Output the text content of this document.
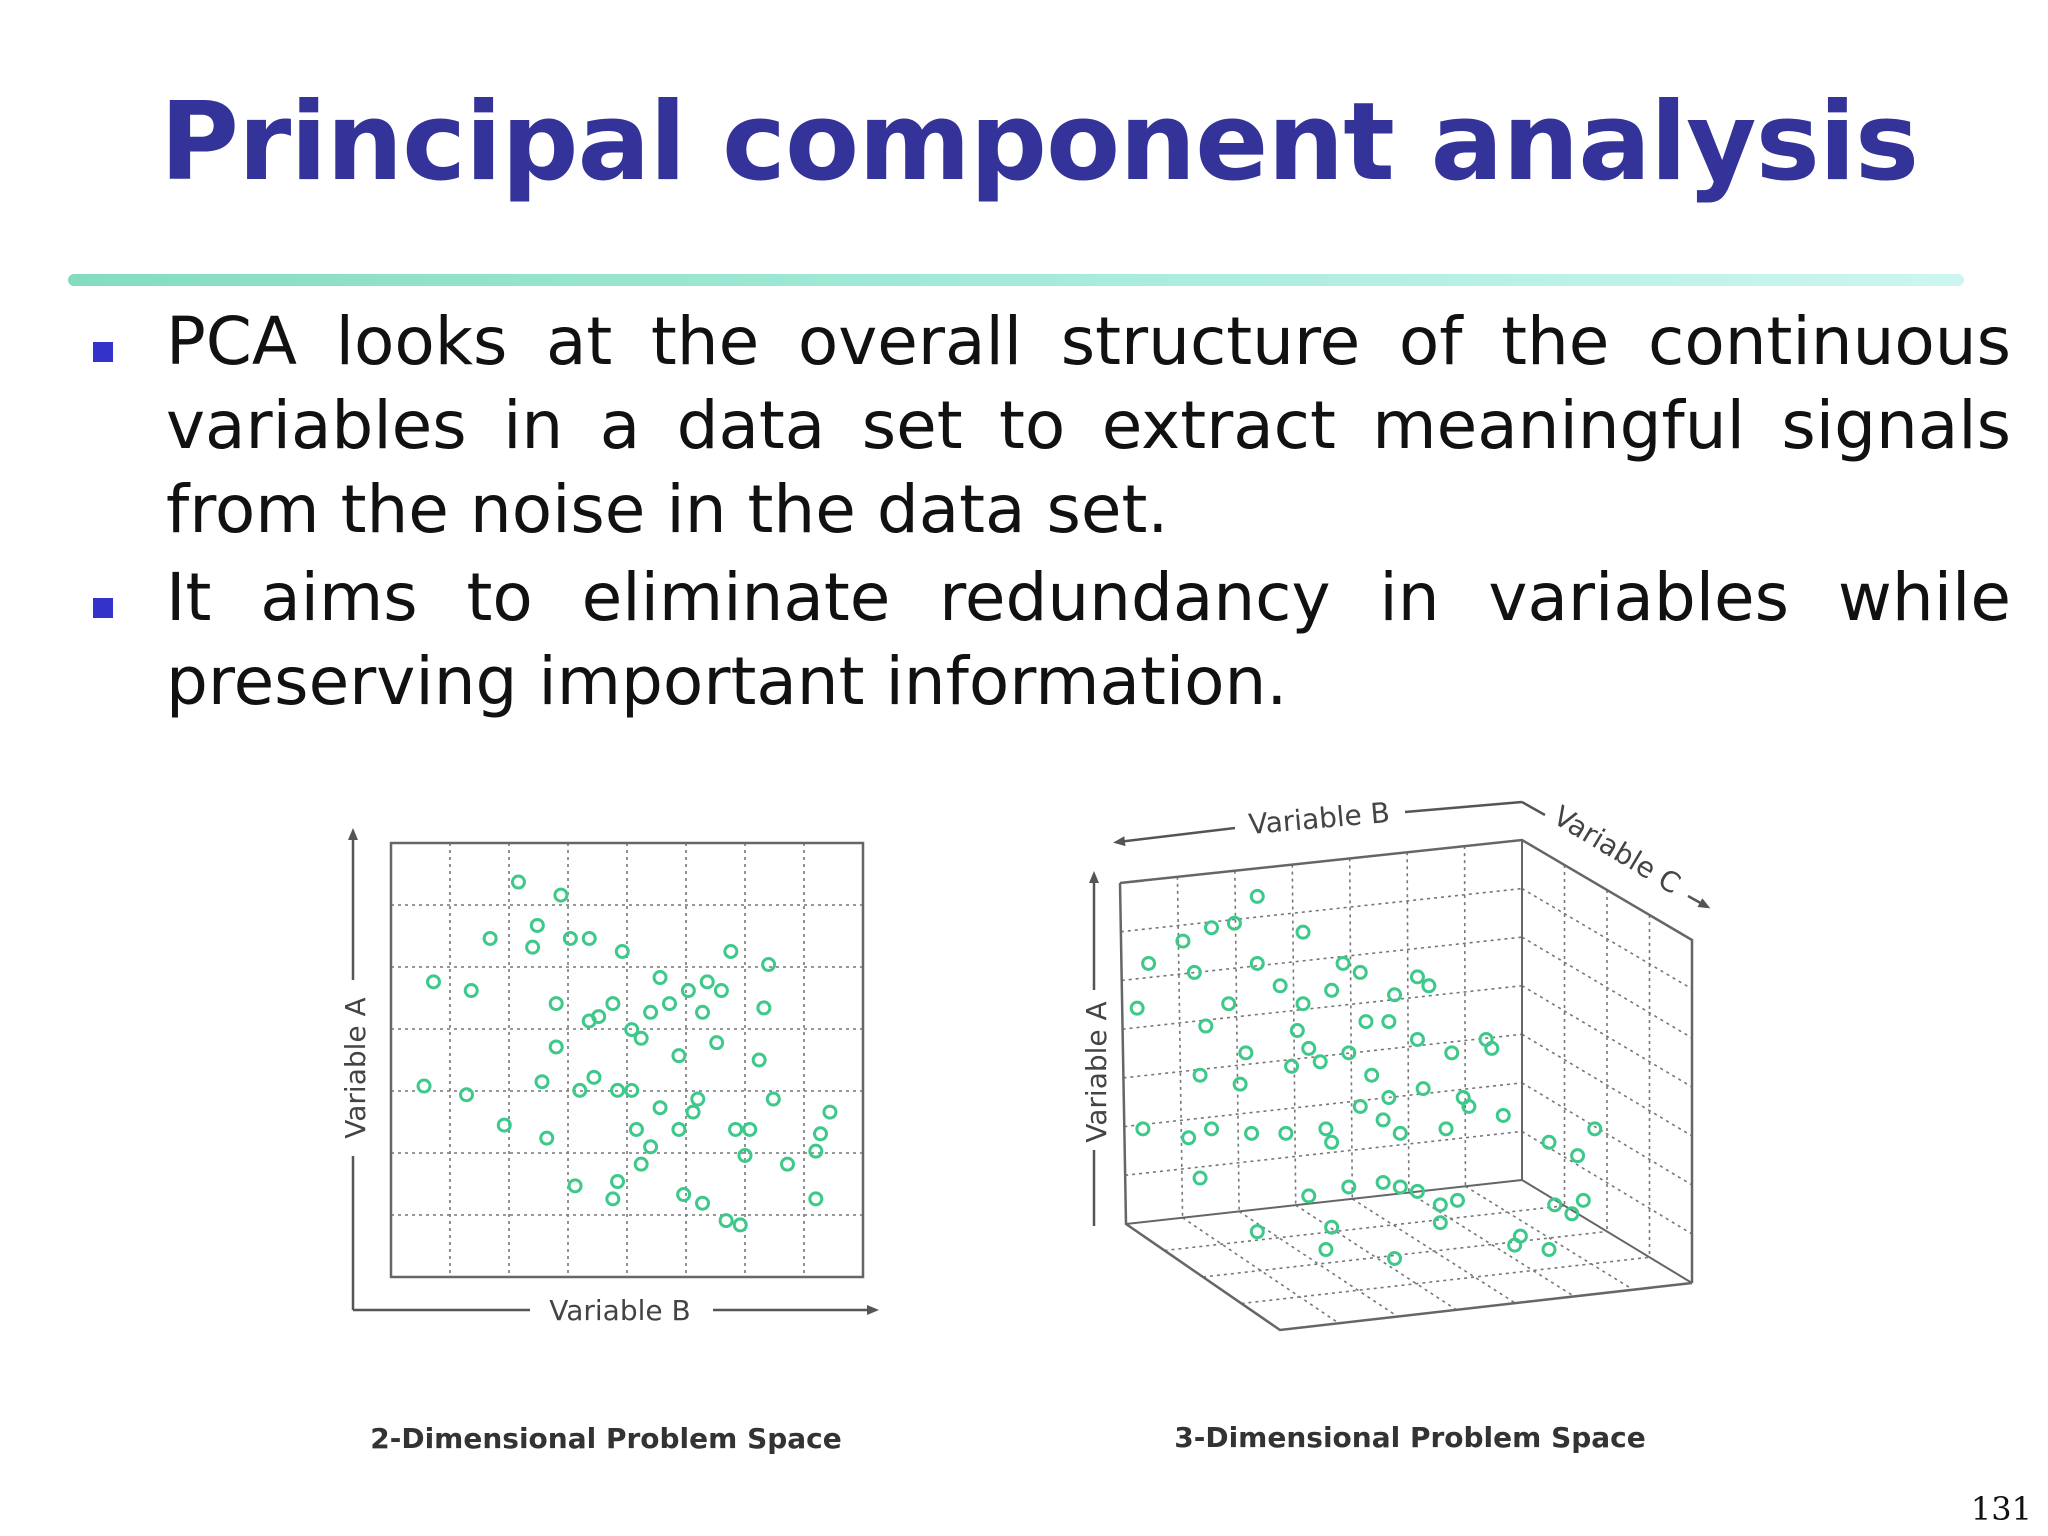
Principal component analysis
PCA looks at the overall structure of the continuous variables in a data set to extract meaningful signals from the noise in the data set.
It aims to eliminate redundancy in variables while preserving important information.
Variable A
Variable B
2-Dimensional Problem Space
Variable A
Variable B	Variable C
3-Dimensional Problem Space
131
